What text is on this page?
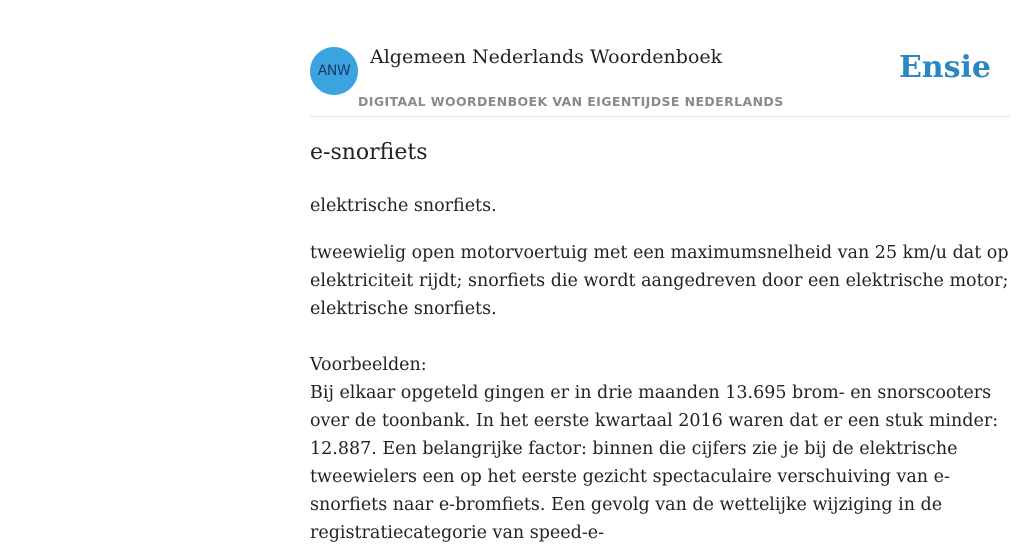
ANW
Algemeen Nederlands Woordenboek
DIGITAAL WOORDENBOEK VAN EIGENTIJDSE NEDERLANDS
Ensie
e-snorfiets
elektrische snorfiets.
tweewielig open motorvoertuig met een maximumsnelheid van 25 km/u dat op elektriciteit rijdt; snorfiets die wordt aangedreven door een elektrische motor; elektrische snorfiets.

Voorbeelden:

Bij elkaar opgeteld gingen er in drie maanden 13.695 brom- en snorscooters over de toonbank. In het eerste kwartaal 2016 waren dat er een stuk minder: 12.887. Een belangrijke factor: binnen die cijfers zie je bij de elektrische tweewielers een op het eerste gezicht spectaculaire verschuiving van e-snorfiets naar e-bromfiets. Een gevolg van de wettelijke wijziging in de registratiecategorie van speed-e-
